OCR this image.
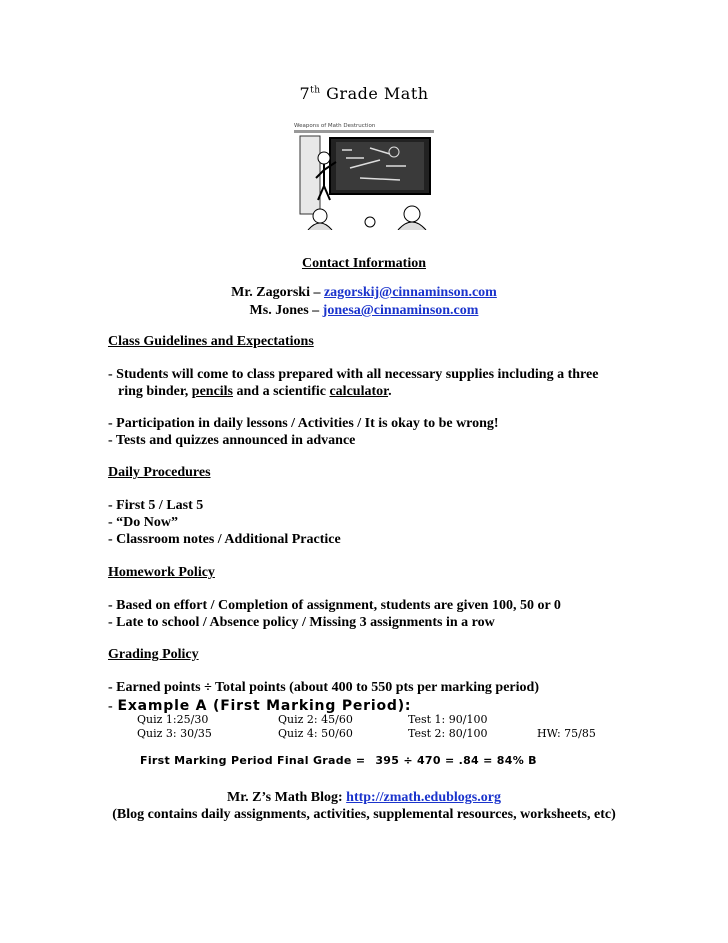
7th Grade Math
Weapons of Math Destruction
Contact Information
Mr. Zagorski – zagorskij@cinnaminson.com
Ms. Jones – jonesa@cinnaminson.com
Class Guidelines and Expectations
- Students will come to class prepared with all necessary supplies including a three
ring binder, pencils and a scientific calculator.
- Participation in daily lessons / Activities / It is okay to be wrong!
- Tests and quizzes announced in advance
Daily Procedures
- First 5 / Last 5
- “Do Now”
- Classroom notes / Additional Practice
Homework Policy
- Based on effort / Completion of assignment, students are given 100, 50 or 0
- Late to school / Absence policy / Missing 3 assignments in a row
Grading Policy
- Earned points ÷ Total points (about 400 to 550 pts per marking period)
- Example A (First Marking Period):
Quiz 1:25/30	Quiz 2: 45/60	Test 1: 90/100
Quiz 3: 30/35	Quiz 4: 50/60	Test 2: 80/100	HW: 75/85
First Marking Period Final Grade = 395 ÷ 470 = .84 = 84% B
Mr. Z’s Math Blog: http://zmath.edublogs.org
(Blog contains daily assignments, activities, supplemental resources, worksheets, etc)
